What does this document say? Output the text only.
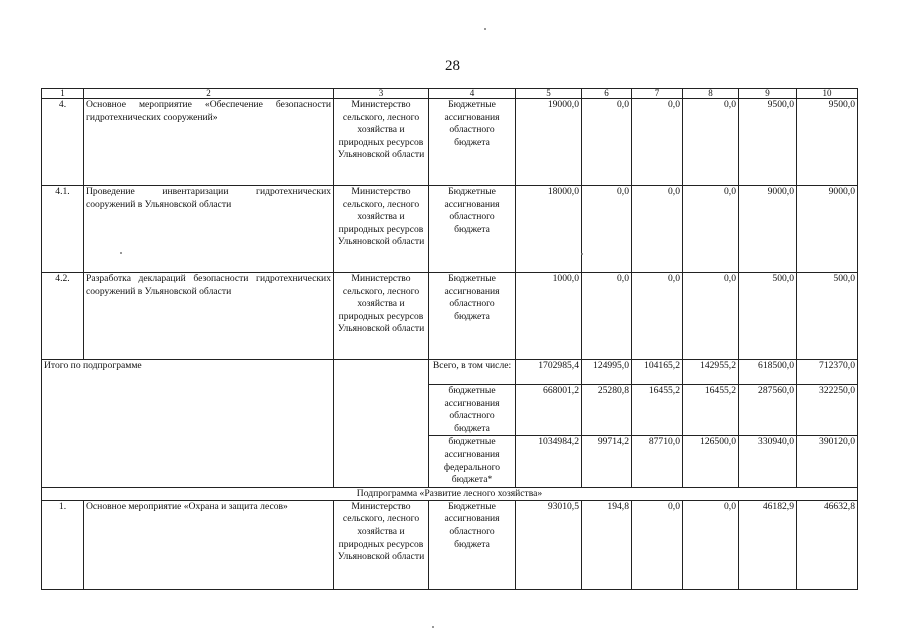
28
1	2	3	4	5	6	7	8	9	10
4.	Основное мероприятие «Обеспечение безопасности гидротехнических сооружений»	Министерство сельского, лесного хозяйства и природных ресурсов Ульяновской области	Бюджетные ассигнования областного бюджета	19000,0	0,0	0,0	0,0	9500,0	9500,0
4.1.	Проведение инвентаризации гидротехнических сооружений в Ульяновской области	Министерство сельского, лесного хозяйства и природных ресурсов Ульяновской области	Бюджетные ассигнования областного бюджета	18000,0	0,0	0,0	0,0	9000,0	9000,0
4.2.	Разработка деклараций безопасности гидротехнических сооружений в Ульяновской области	Министерство сельского, лесного хозяйства и природных ресурсов Ульяновской области	Бюджетные ассигнования областного бюджета	1000,0	0,0	0,0	0,0	500,0	500,0
Итого по подпрограмме			Всего, в том числе:	1702985,4	124995,0	104165,2	142955,2	618500,0	712370,0
			бюджетные ассигнования областного бюджета	668001,2	25280,8	16455,2	16455,2	287560,0	322250,0
			бюджетные ассигнования федерального бюджета*	1034984,2	99714,2	87710,0	126500,0	330940,0	390120,0
Подпрограмма «Развитие лесного хозяйства»									
1.	Основное мероприятие «Охрана и защита лесов»	Министерство сельского, лесного хозяйства и природных ресурсов Ульяновской области	Бюджетные ассигнования областного бюджета	93010,5	194,8	0,0	0,0	46182,9	46632,8
